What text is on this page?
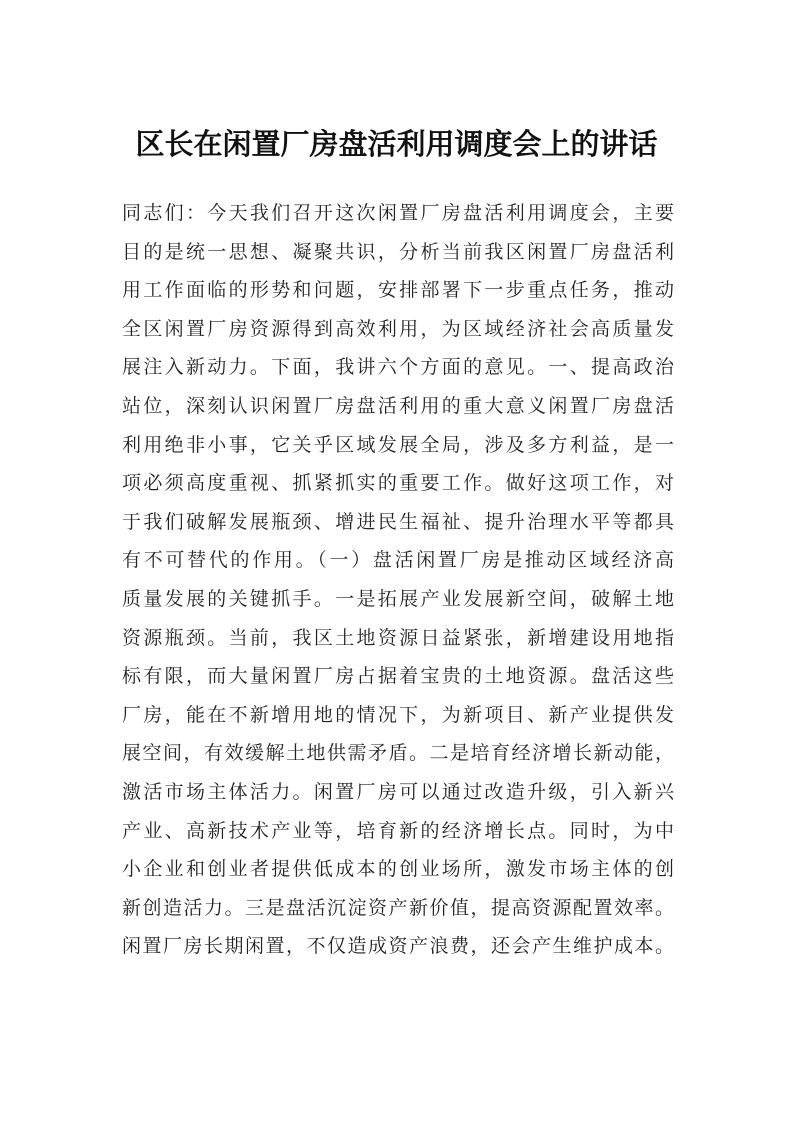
区长在闲置厂房盘活利用调度会上的讲话
同志们：今天我们召开这次闲置厂房盘活利用调度会，主要
目的是统一思想、凝聚共识，分析当前我区闲置厂房盘活利
用工作面临的形势和问题，安排部署下一步重点任务，推动
全区闲置厂房资源得到高效利用，为区域经济社会高质量发
展注入新动力。下面，我讲六个方面的意见。一、提高政治
站位，深刻认识闲置厂房盘活利用的重大意义闲置厂房盘活
利用绝非小事，它关乎区域发展全局，涉及多方利益，是一
项必须高度重视、抓紧抓实的重要工作。做好这项工作，对
于我们破解发展瓶颈、增进民生福祉、提升治理水平等都具
有不可替代的作用。（一）盘活闲置厂房是推动区域经济高
质量发展的关键抓手。一是拓展产业发展新空间，破解土地
资源瓶颈。当前，我区土地资源日益紧张，新增建设用地指
标有限，而大量闲置厂房占据着宝贵的土地资源。盘活这些
厂房，能在不新增用地的情况下，为新项目、新产业提供发
展空间，有效缓解土地供需矛盾。二是培育经济增长新动能，
激活市场主体活力。闲置厂房可以通过改造升级，引入新兴
产业、高新技术产业等，培育新的经济增长点。同时，为中
小企业和创业者提供低成本的创业场所，激发市场主体的创
新创造活力。三是盘活沉淀资产新价值，提高资源配置效率。
闲置厂房长期闲置，不仅造成资产浪费，还会产生维护成本。
